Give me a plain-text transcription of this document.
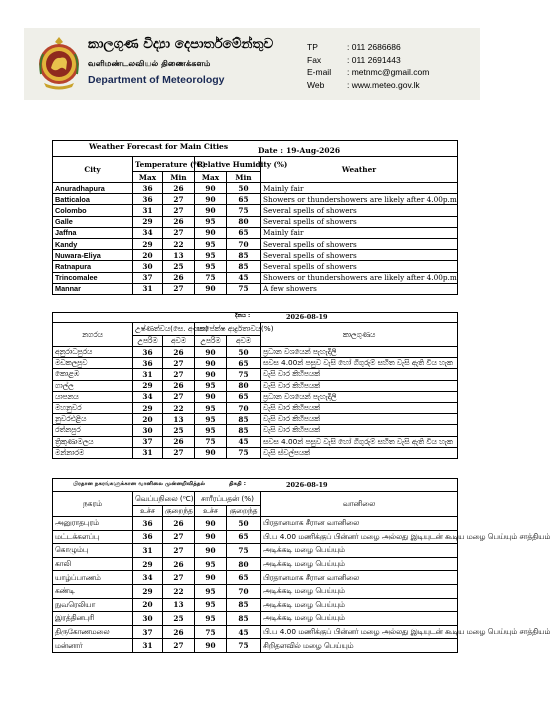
කාලගුණ විද්‍යා දෙපාර්තමේන්තුව
வளிமண்டலவியல் திணைக்களம்
Department of Meteorology
TP	: 011 2686686
Fax	: 011 2691443
E-mail	: metnmc@gmail.com
Web	: www.meteo.gov.lk
Weather Forecast for Main Cities Date : 19-Aug-2026					

City	Temperature (⁰C)		Relative Humidity (%)		Weather
	Max	Min	Max	Min	
Anuradhapura	36	26	90	50	Mainly fair
Batticaloa	36	27	90	65	Showers or thundershowers are likely after 4.00p.m
Colombo	31	27	90	75	Several spells of showers
Galle	29	26	95	80	Several spells of showers
Jaffna	34	27	90	65	Mainly fair
Kandy	29	22	95	70	Several spells of showers
Nuwara-Eliya	20	13	95	85	Several spells of showers
Ratnapura	30	25	95	85	Several spells of showers
Trincomalee	37	26	75	45	Showers or thundershowers are likely after 4.00p.m
Mannar	31	27	90	75	A few showers
දිනය : 2026-08-19					

නගරය	උෂ්ණත්වය(සෙ. අංශක)		සාපේක්ෂ ආර්ද්‍රතාවය(%)		කාලගුණය
	උපරිම	අවම	උපරිම	අවම	
අනුරාධපුරය	36	26	90	50	ප්‍රධාන වශයෙන් පැහැදිලි
මඩකලපුව	36	27	90	65	සවස 4.00න් පසුව වැසි හෝ ගිගුරුම් සහිත වැසි ඇති විය හැක
කොළඹ	31	27	90	75	වැසි වාර කිහිපයක්
ගාල්ල	29	26	95	80	වැසි වාර කිහිපයක්
යාපනය	34	27	90	65	ප්‍රධාන වශයෙන් පැහැදිලි
මහනුවර	29	22	95	70	වැසි වාර කිහිපයක්
නුවරඑළිය	20	13	95	85	වැසි වාර කිහිපයක්
රත්නපුර	30	25	95	85	වැසි වාර කිහිපයක්
ත්‍රිකුණාමලය	37	26	75	45	සවස 4.00න් පසුව වැසි හෝ ගිගුරුම් සහිත වැසි ඇති විය හැක
මන්නාරම	31	27	90	75	වැසි ස්වල්පයක්
பிரதான நகரங்களுக்கான வானிலை முன்னறிவித்தல் திகதி : 2026-08-19					

நகரம்	வெப்பநிலை (⁰C)		சாரீரப்பதன் (%)		வானிலை
	உச்ச	குறைந்த	உச்ச	குறைந்த	
அனுராதபுரம்	36	26	90	50	பிரதானமாக சீரான வானிலை
மட்டக்களப்பு	36	27	90	65	பி.ப 4.00 மணிக்குப் பின்னர் மழை அல்லது இடியுடன் கூடிய மழை பெய்யும் சாத்தியம்
கொழும்பு	31	27	90	75	அடிக்கடி மழை பெய்யும்
காலி	29	26	95	80	அடிக்கடி மழை பெய்யும்
யாழ்ப்பாணம்	34	27	90	65	பிரதானமாக சீரான வானிலை
கண்டி	29	22	95	70	அடிக்கடி மழை பெய்யும்
நுவரெலியா	20	13	95	85	அடிக்கடி மழை பெய்யும்
இரத்தினபுரி	30	25	95	85	அடிக்கடி மழை பெய்யும்
திருகோணமலை	37	26	75	45	பி.ப 4.00 மணிக்குப் பின்னர் மழை அல்லது இடியுடன் கூடிய மழை பெய்யும் சாத்தியம்
மன்னார்	31	27	90	75	சிறிதளவில் மழை பெய்யும்
